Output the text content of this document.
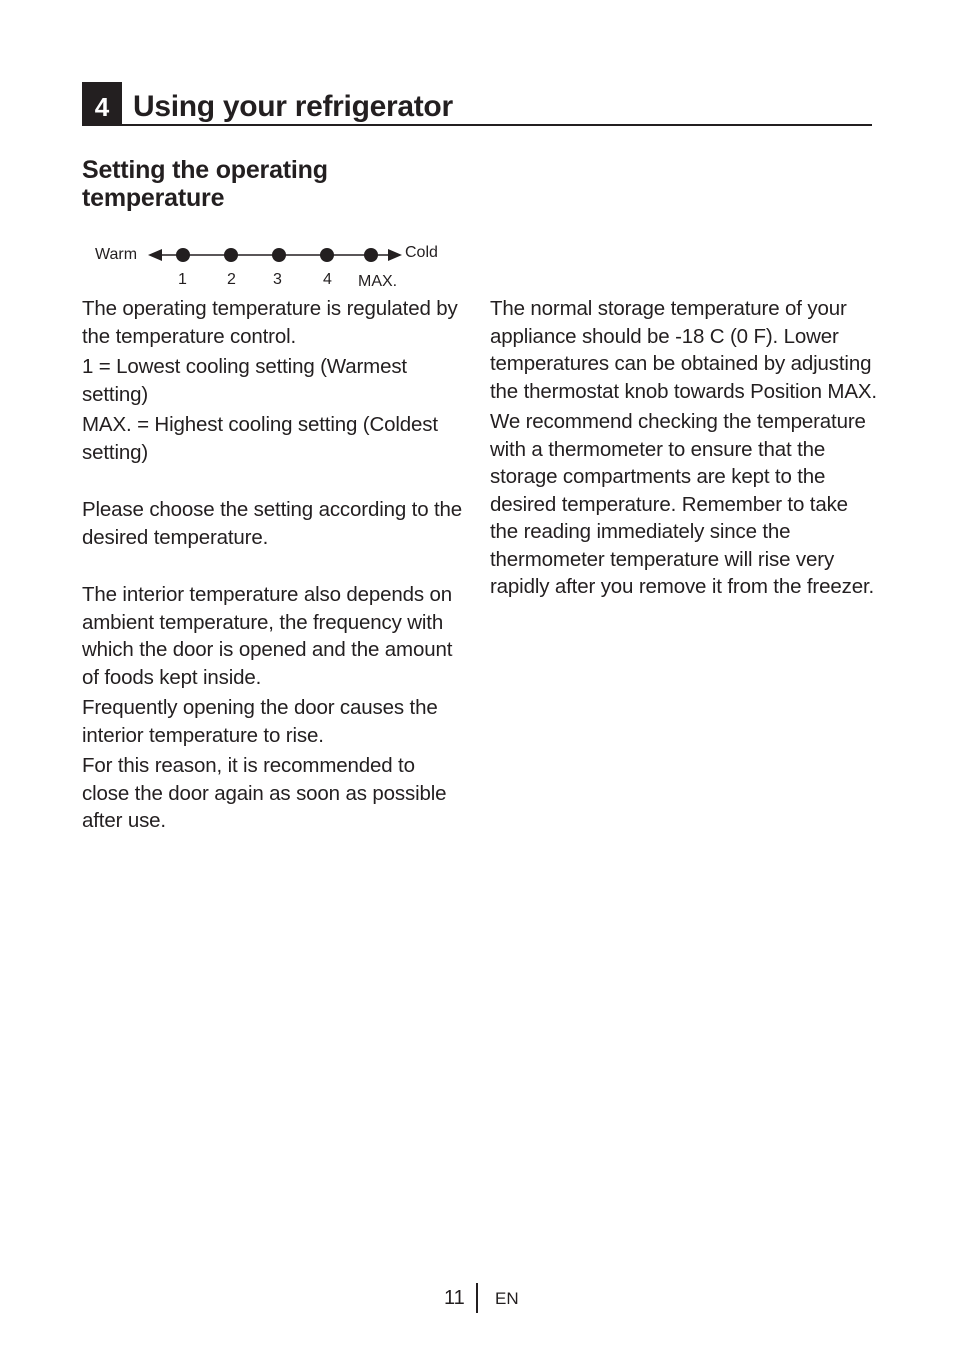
4 Using your refrigerator
Setting the operating temperature
Warm	Cold
1	2 3	4 MAX.

The operating temperature is regulated by the temperature control.

1 = Lowest cooling setting (Warmest setting)

MAX. = Highest cooling setting (Coldest setting)

Please choose the setting according to the desired temperature.

The interior temperature also depends on ambient temperature, the frequency with which the door is opened and the amount of foods kept inside.

Frequently opening the door causes the interior temperature to rise.

For this reason, it is recommended to close the door again as soon as possible after use.

The normal storage temperature of your appliance should be -18 C (0 F). Lower temperatures can be obtained by adjusting the thermostat knob towards Position MAX.

We recommend checking the temperature with a thermometer to ensure that the storage compartments are kept to the desired temperature. Remember to take the reading immediately since the thermometer temperature will rise very rapidly after you remove it from the freezer.

11 EN
